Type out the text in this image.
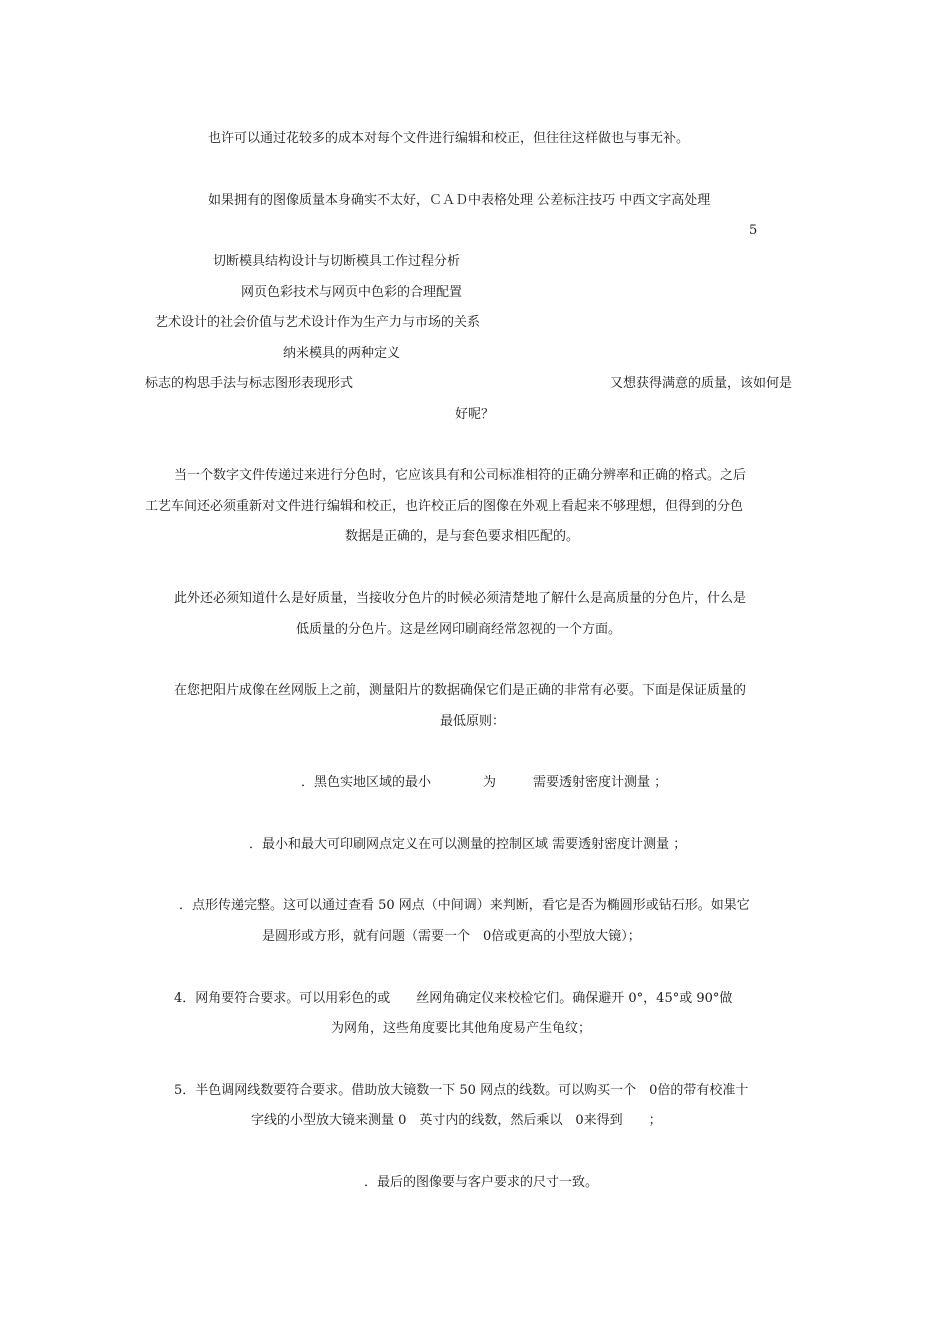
也许可以通过花较多的成本对每个文件进行编辑和校正，但往往这样做也与事无补。
如果拥有的图像质量本身确实不太好，ＣＡＤ中表格处理 公差标注技巧 中西文字高处理
5
切断模具结构设计与切断模具工作过程分析
网页色彩技术与网页中色彩的合理配置
艺术设计的社会价值与艺术设计作为生产力与市场的关系
纳米模具的两种定义
标志的构思手法与标志图形表现形式	又想获得满意的质量，该如何是
好呢？
当一个数字文件传递过来进行分色时，它应该具有和公司标准相符的正确分辨率和正确的格式。之后
工艺车间还必须重新对文件进行编辑和校正，也许校正后的图像在外观上看起来不够理想，但得到的分色
数据是正确的，是与套色要求相匹配的。
此外还必须知道什么是好质量，当接收分色片的时候必须清楚地了解什么是高质量的分色片，什么是
低质量的分色片。这是丝网印刷商经常忽视的一个方面。
在您把阳片成像在丝网版上之前，测量阳片的数据确保它们是正确的非常有必要。下面是保证质量的
最低原则：
．黑色实地区域的最小	为	需要透射密度计测量 ；
．最小和最大可印刷网点定义在可以测量的控制区域 需要透射密度计测量 ；
．点形传递完整。这可以通过查看 50 网点（中间调）来判断，看它是否为椭圆形或钻石形。如果它
是圆形或方形，就有问题（需要一个　0倍或更高的小型放大镜）；
4．网角要符合要求。可以用彩色的或　　丝网角确定仪来校检它们。确保避开 0°，45°或 90°做
为网角，这些角度要比其他角度易产生龟纹；
5．半色调网线数要符合要求。借助放大镜数一下 50 网点的线数。可以购买一个　0倍的带有校准十
字线的小型放大镜来测量 0　英寸内的线数，然后乘以　0来得到　　；
．最后的图像要与客户要求的尺寸一致。
